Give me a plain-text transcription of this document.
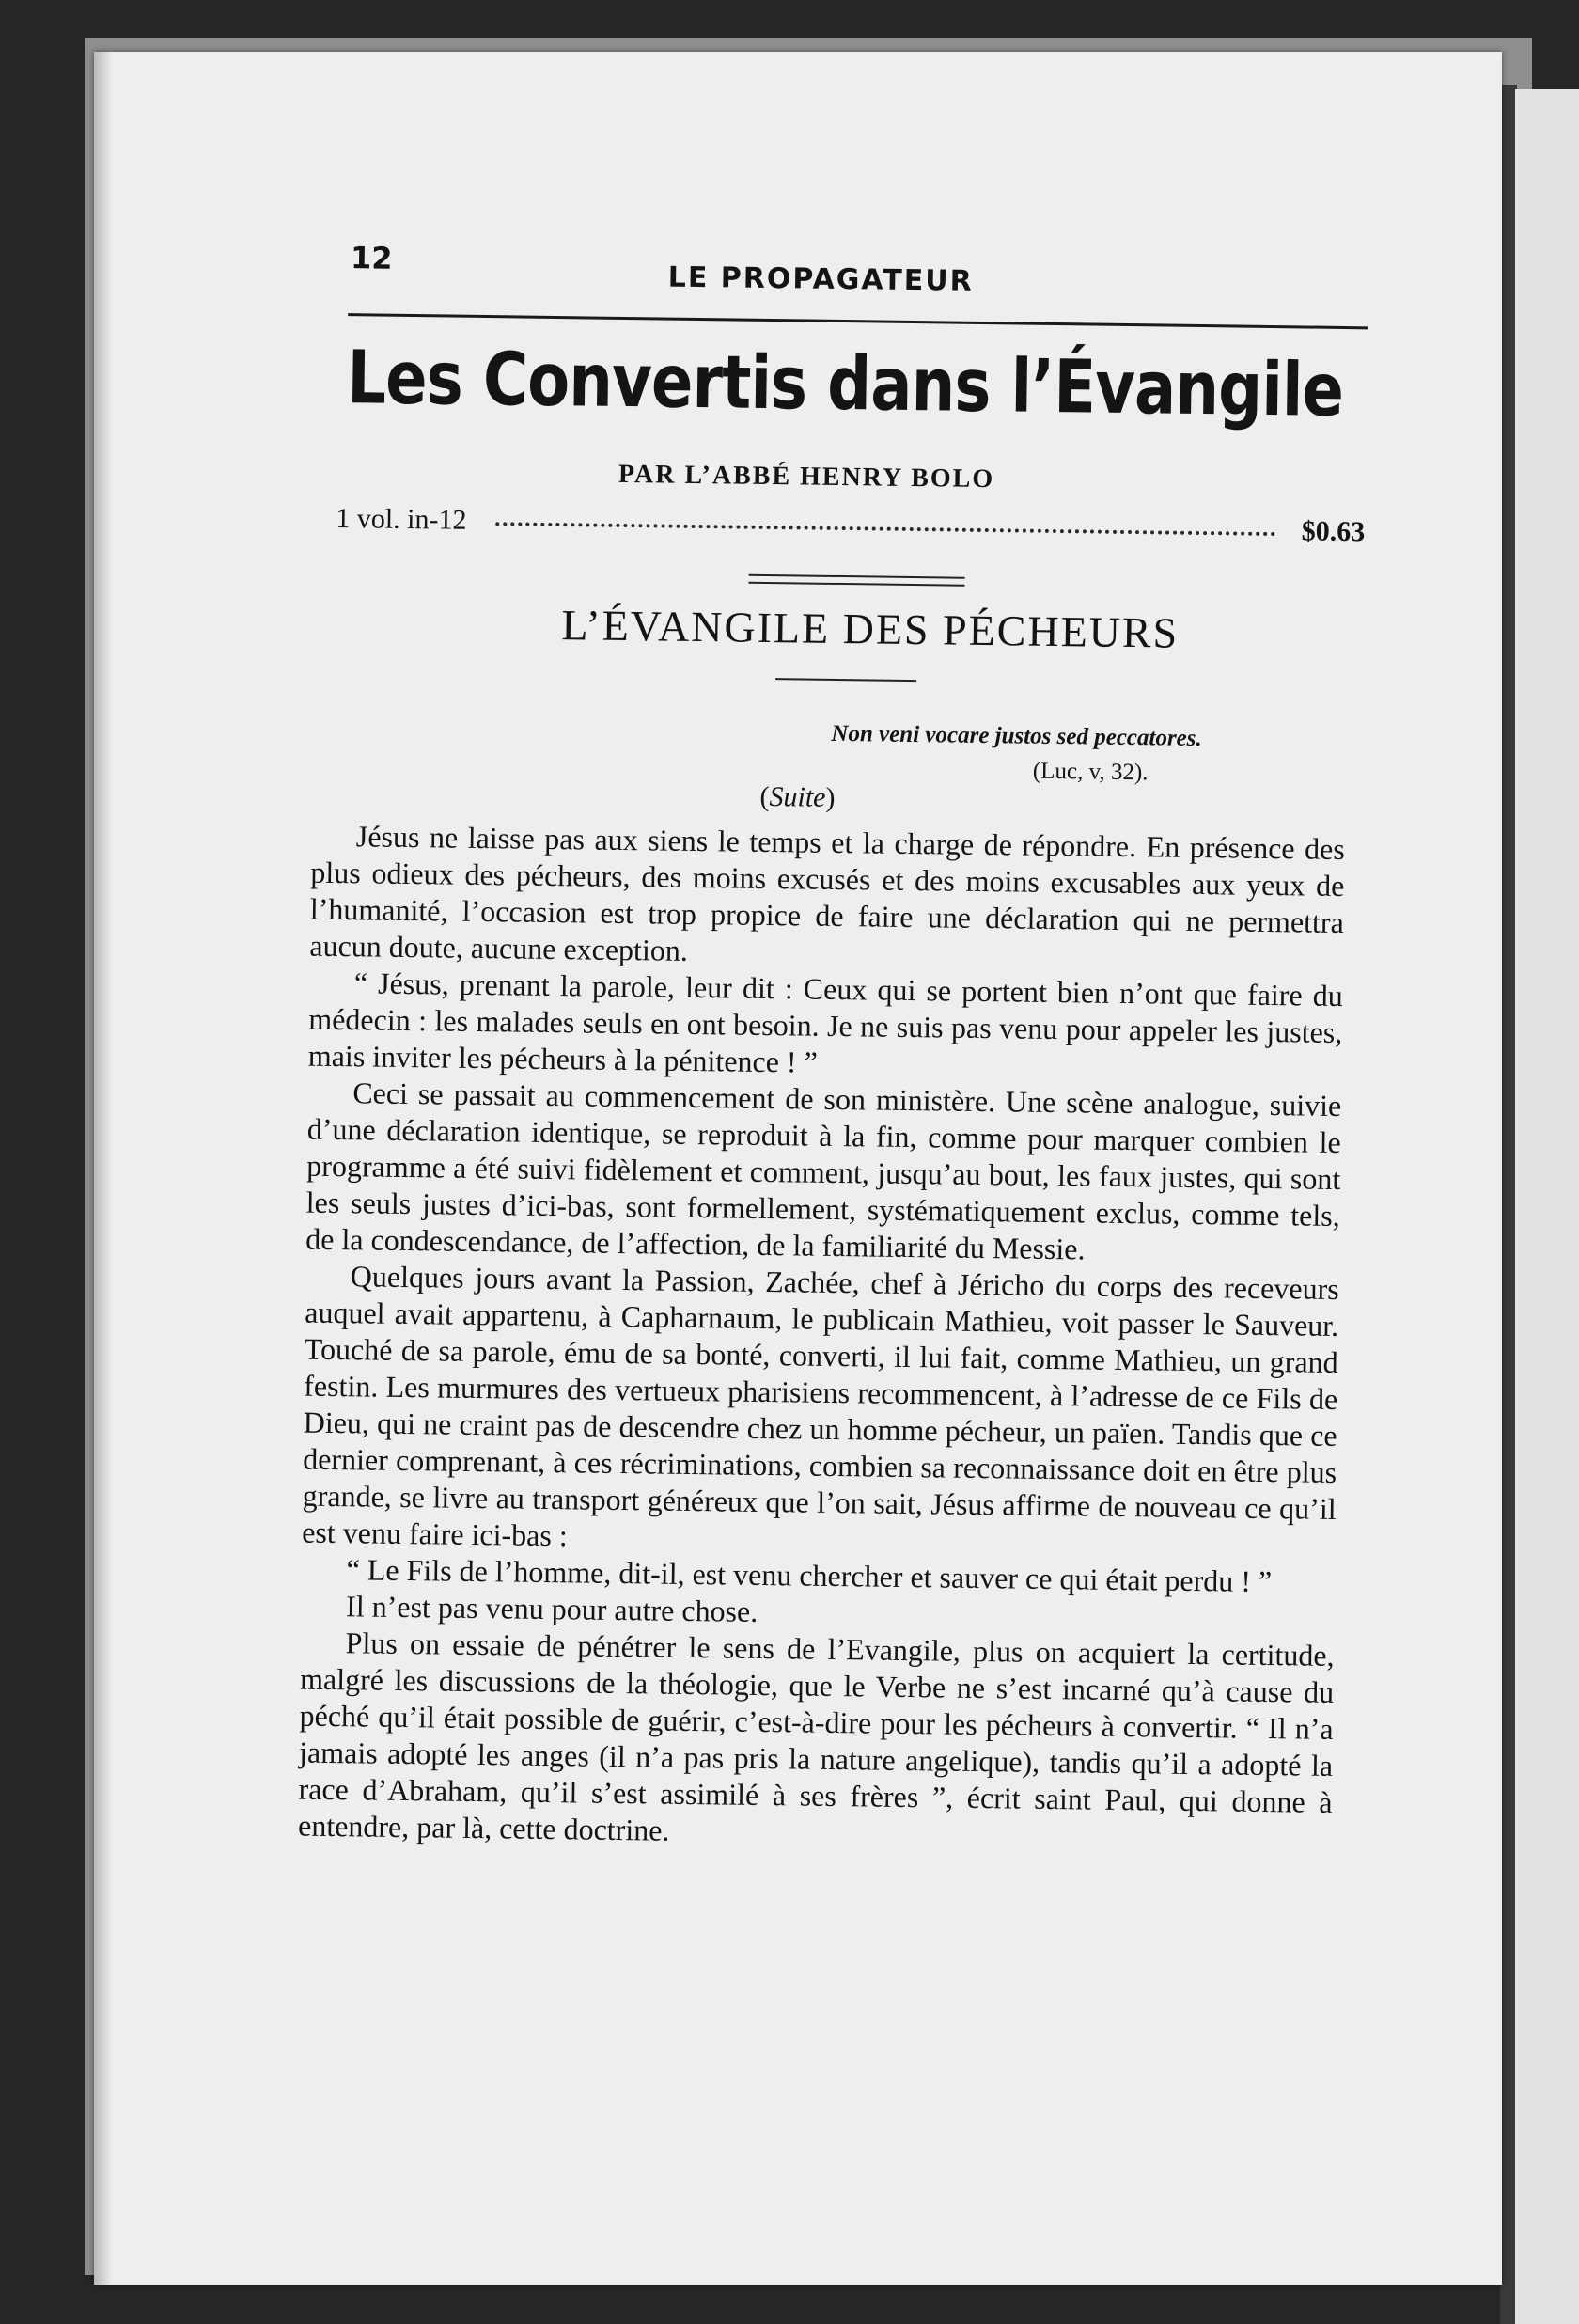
12
LE PROPAGATEUR
Les Convertis dans l’Évangile
PAR L’ABBÉ HENRY BOLO
1 vol. in-12	$0.63
L’ÉVANGILE DES PÉCHEURS
Non veni vocare justos sed peccatores.
(Luc, v, 32).
(Suite)

Jésus ne laisse pas aux siens le temps et la charge de répondre. En présence des plus odieux des pécheurs, des moins excusés et des moins excusables aux yeux de l’humanité, l’occasion est trop propice de faire une déclaration qui ne permettra aucun doute, aucune exception.

“ Jésus, prenant la parole, leur dit : Ceux qui se portent bien n’ont que faire du médecin : les malades seuls en ont besoin. Je ne suis pas venu pour appeler les justes, mais inviter les pécheurs à la pénitence ! ”

Ceci se passait au commencement de son ministère. Une scène analogue, suivie d’une déclaration identique, se reproduit à la fin, comme pour marquer combien le programme a été suivi fidèlement et comment, jusqu’au bout, les faux justes, qui sont les seuls justes d’ici-bas, sont formellement, systématiquement exclus, comme tels, de la condescendance, de l’affection, de la familiarité du Messie.

Quelques jours avant la Passion, Zachée, chef à Jéricho du corps des receveurs auquel avait appartenu, à Capharnaum, le publicain Mathieu, voit passer le Sauveur. Touché de sa parole, ému de sa bonté, converti, il lui fait, comme Mathieu, un grand festin. Les murmures des vertueux pharisiens recommencent, à l’adresse de ce Fils de Dieu, qui ne craint pas de descendre chez un homme pécheur, un païen. Tandis que ce dernier comprenant, à ces récriminations, combien sa reconnaissance doit en être plus grande, se livre au transport généreux que l’on sait, Jésus affirme de nouveau ce qu’il est venu faire ici-bas :

“ Le Fils de l’homme, dit-il, est venu chercher et sauver ce qui était perdu ! ”

Il n’est pas venu pour autre chose.

Plus on essaie de pénétrer le sens de l’Evangile, plus on acquiert la certitude, malgré les discussions de la théologie, que le Verbe ne s’est incarné qu’à cause du péché qu’il était possible de guérir, c’est-à-dire pour les pécheurs à convertir. “ Il n’a jamais adopté les anges (il n’a pas pris la nature angelique), tandis qu’il a adopté la race d’Abraham, qu’il s’est assimilé à ses frères ”, écrit saint Paul, qui donne à entendre, par là, cette doctrine.
